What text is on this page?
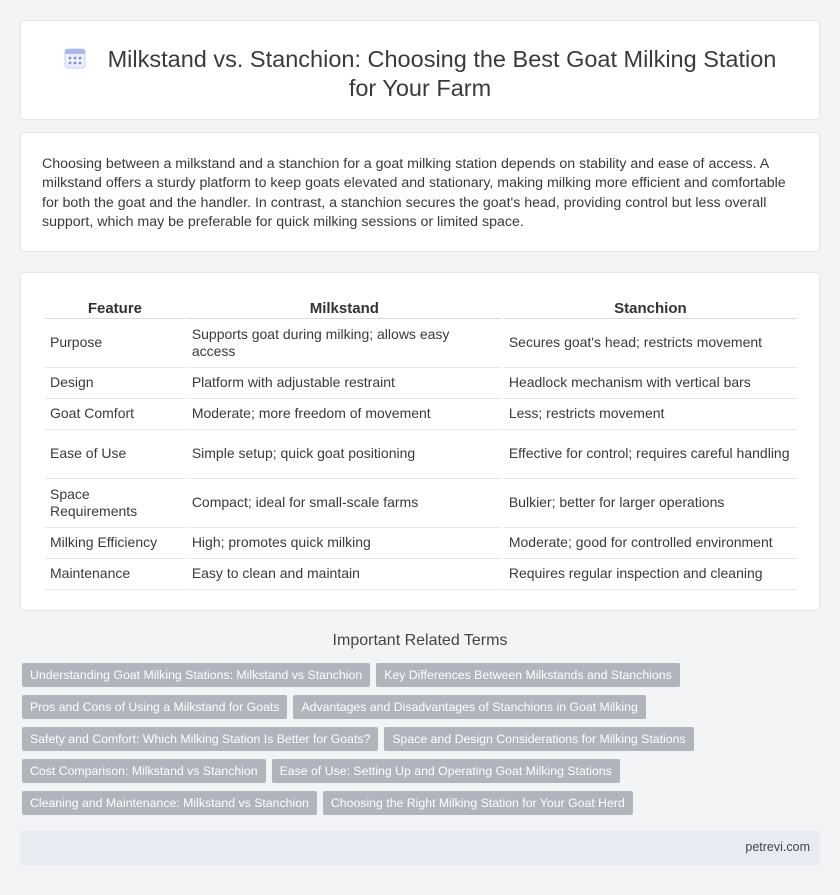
Milkstand vs. Stanchion: Choosing the Best Goat Milking Station for Your Farm

Choosing between a milkstand and a stanchion for a goat milking station depends on stability and ease of access. A milkstand offers a sturdy platform to keep goats elevated and stationary, making milking more efficient and comfortable for both the goat and the handler. In contrast, a stanchion secures the goat's head, providing control but less overall support, which may be preferable for quick milking sessions or limited space.

Feature	Milkstand	Stanchion
Purpose	Supports goat during milking; allows easy access	Secures goat's head; restricts movement
Design	Platform with adjustable restraint	Headlock mechanism with vertical bars
Goat Comfort	Moderate; more freedom of movement	Less; restricts movement
Ease of Use	Simple setup; quick goat positioning	Effective for control; requires careful handling
Space Requirements	Compact; ideal for small-scale farms	Bulkier; better for larger operations
Milking Efficiency	High; promotes quick milking	Moderate; good for controlled environment
Maintenance	Easy to clean and maintain	Requires regular inspection and cleaning
Important Related Terms
Understanding Goat Milking Stations: Milkstand vs Stanchion Key Differences Between Milkstands and Stanchions
Pros and Cons of Using a Milkstand for Goats Advantages and Disadvantages of Stanchions in Goat Milking
Safety and Comfort: Which Milking Station Is Better for Goats? Space and Design Considerations for Milking Stations
Cost Comparison: Milkstand vs Stanchion Ease of Use: Setting Up and Operating Goat Milking Stations
Cleaning and Maintenance: Milkstand vs Stanchion Choosing the Right Milking Station for Your Goat Herd
petrevi.com
